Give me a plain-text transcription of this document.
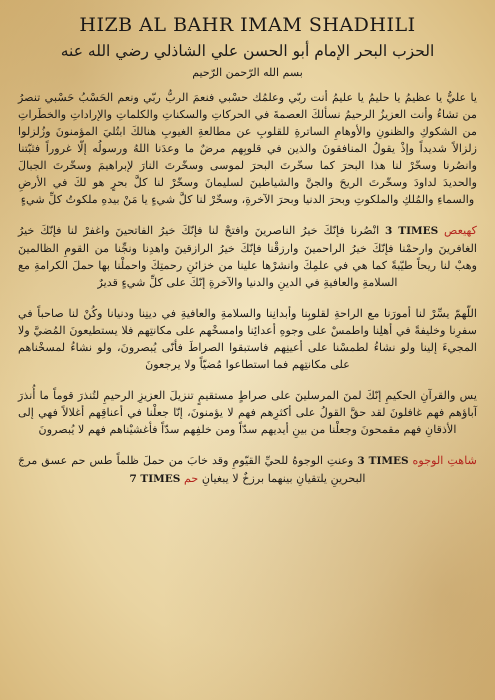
HIZB AL BAHR IMAM SHADHILI
الحزب البحر الإمام أبو الحسن علي الشاذلي رضي الله عنه
بسم الله الرّحمن الرّحيم

يا عليُّ يا عظيمُ يا حليمُ يا عليمُ أنت ربّي وعلمُك حسْبي فنعمَ الربُّ ربّي ونعم الحَسْبُ حَسْبي تنصرُ من تشاءُ وأنت العزيزُ الرحيمُ نسألكَ العصمةَ في الحركاتِ والسكناتِ والكلماتِ والإراداتِ والخطَراتِ من الشكوكِ والظنونِ والأوهامِ الساترةِ للقلوبِ عن مطالعةِ الغيوبِ هنالكَ ابتُليَ المؤمنونَ وزُلزلوا زلزالاً شديداً وإذْ يقولُ المنافقونَ والذين في قلوبِهم مرضٌ ما وعدَنا اللهُ ورسولُه إلّا غروراً فثبّتنا وانصُرنا وسخّرْ لنا هذا البحرَ كما سخّرتَ البحرَ لموسى وسخّرتَ النارَ لإبراهيمَ وسخّرتَ الجبالَ والحديدَ لداودَ وسخّرتَ الريحَ والجنَّ والشياطينَ لسليمانَ وسخّرْ لنا كلَّ بحرٍ هو لكَ في الأرضِ والسماءِ والمُلكِ والملكوتِ وبحرَ الدنيا وبحرَ الآخرةِ، وسخّرْ لنا كلَّ شيءٍ يا مَنْ بيدهِ ملكوتُ كلِّ شيءٍ

كهيعص 3 TIMES انْصُرنا فإنّكَ خيرُ الناصرينَ وافتحْ لنا فإنّكَ خيرُ الفاتحينَ واغفرْ لنا فإنّكَ خيرُ الغافرينَ وارحمْنا فإنّكَ خيرُ الراحمينَ وارزقْنا فإنّكَ خيرُ الرازقينَ واهدِنا ونجِّنا من القومِ الظالمينَ وهبْ لنا ريحاً طيّبةً كما هي في علمِكَ وانشرْها علينا من خزائنِ رحمتِكَ واحملْنا بها حملَ الكرامةِ مع السلامةِ والعافيةِ في الدينِ والدنيا والآخرةِ إنّكَ على كلِّ شيءٍ قديرٌ

اللّهمّ يسِّرْ لنا أمورَنا مع الراحةِ لقلوبِنا وأبدانِنا والسلامةِ والعافيةِ في دينِنا ودنيانا وكُنْ لنا صاحباً في سفرِنا وخليفةً في أهلِنا واطمسْ على وجوهِ أعدائِنا وامسخْهم على مكانتِهم فلا يستطيعونَ المُضيَّ ولا المجيءَ إلينا ولو نشاءُ لطمسْنا على أعينِهم فاستبقوا الصراطَ فأنّى يُبصرونَ، ولو نشاءُ لمسخْناهم على مكانتِهم فما استطاعوا مُضيّاً ولا يرجعونَ

يس والقرآنِ الحكيمِ إنّكَ لمنَ المرسلينَ على صراطٍ مستقيمٍ تنزيلَ العزيزِ الرحيمِ لتُنذرَ قوماً ما أُنذرَ آباؤهم فهم غافلونَ لقد حقَّ القولُ على أكثرِهم فهم لا يؤمنونَ، إنّا جعلْنا في أعناقِهم أغلالاً فهي إلى الأذقانِ فهم مقمحونَ وجعلْنا من بينِ أيديهم سدّاً ومن خلفِهم سدّاً فأغشيْناهم فهم لا يُبصرونَ

شاهتِ الوجوه 3 TIMES وعنتِ الوجوهُ للحيِّ القيّومِ وقد خابَ من حملَ ظلماً طس حم عسق مرجَ البحرينِ يلتقيانِ بينهما برزخٌ لا يبغيانِ حم 7 TIMES
